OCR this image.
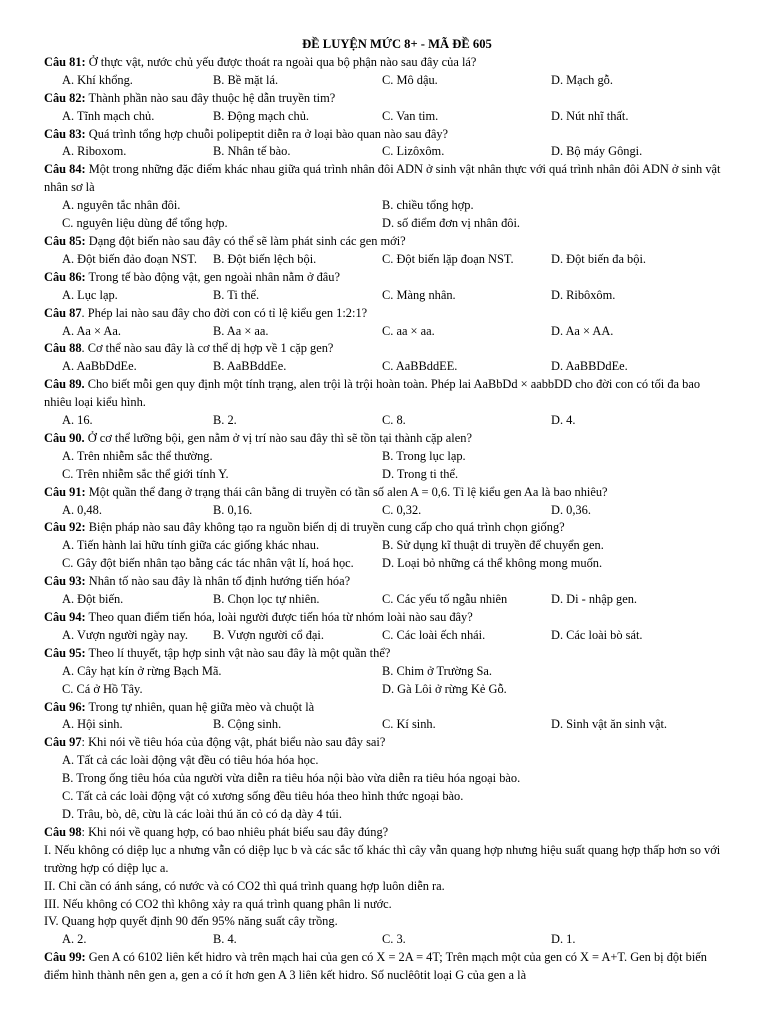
ĐỀ LUYỆN MỨC 8+ - MÃ ĐỀ 605

Câu 81: Ở thực vật, nước chủ yếu được thoát ra ngoài qua bộ phận nào sau đây của lá?

A. Khí khổng.	B. Bề mặt lá.	C. Mô dậu.	D. Mạch gỗ.

Câu 82: Thành phần nào sau đây thuộc hệ dẫn truyền tim?

A. Tĩnh mạch chủ.	B. Động mạch chủ.	C. Van tim.	D. Nút nhĩ thất.

Câu 83: Quá trình tổng hợp chuỗi polipeptit diễn ra ở loại bào quan nào sau đây?

A. Riboxom.	B. Nhân tế bào.	C. Lizôxôm.	D. Bộ máy Gôngi.

Câu 84: Một trong những đặc điểm khác nhau giữa quá trình nhân đôi ADN ở sinh vật nhân thực với quá trình nhân đôi ADN ở sinh vật nhân sơ là

A. nguyên tắc nhân đôi.	B. chiều tổng hợp.
C. nguyên liệu dùng để tổng hợp.	D. số điểm đơn vị nhân đôi.

Câu 85: Dạng đột biến nào sau đây có thể sẽ làm phát sinh các gen mới?

A. Đột biến đảo đoạn NST.	B. Đột biến lệch bội.	C. Đột biến lặp đoạn NST.	D. Đột biến đa bội.

Câu 86: Trong tế bào động vật, gen ngoài nhân nằm ở đâu?

A. Lục lạp.	B. Ti thể.	C. Màng nhân.	D. Ribôxôm.

Câu 87. Phép lai nào sau đây cho đời con có tỉ lệ kiểu gen 1:2:1?

A. Aa × Aa.	B. Aa × aa.	C. aa × aa.	D. Aa × AA.

Câu 88. Cơ thể nào sau đây là cơ thể dị hợp về 1 cặp gen?

A. AaBbDdEe.	B. AaBBddEe.	C. AaBBddEE.	D. AaBBDdEe.

Câu 89. Cho biết mỗi gen quy định một tính trạng, alen trội là trội hoàn toàn. Phép lai AaBbDd × aabbDD cho đời con có tối đa bao nhiêu loại kiểu hình.

A. 16.	B. 2.	C. 8.	D. 4.

Câu 90. Ở cơ thể lưỡng bội, gen nằm ở vị trí nào sau đây thì sẽ tồn tại thành cặp alen?

A. Trên nhiễm sắc thể thường.	B. Trong lục lạp.
C. Trên nhiễm sắc thể giới tính Y.	D. Trong ti thể.

Câu 91: Một quần thể đang ở trạng thái cân bằng di truyền có tần số alen A = 0,6. Tỉ lệ kiểu gen Aa là bao nhiêu?

A. 0,48.	B. 0,16.	C. 0,32.	D. 0,36.

Câu 92: Biện pháp nào sau đây không tạo ra nguồn biến dị di truyền cung cấp cho quá trình chọn giống?

A. Tiến hành lai hữu tính giữa các giống khác nhau.	B. Sử dụng kĩ thuật di truyền để chuyển gen.
C. Gây đột biến nhân tạo bằng các tác nhân vật lí, hoá học.	D. Loại bỏ những cá thể không mong muốn.

Câu 93: Nhân tố nào sau đây là nhân tố định hướng tiến hóa?

A. Đột biến.	B. Chọn lọc tự nhiên.	C. Các yếu tố ngẫu nhiên	D. Di - nhập gen.

Câu 94: Theo quan điểm tiến hóa, loài người được tiến hóa từ nhóm loài nào sau đây?

A. Vượn người ngày nay.	B. Vượn người cổ đại.	C. Các loài ếch nhái.	D. Các loài bò sát.

Câu 95: Theo lí thuyết, tập hợp sinh vật nào sau đây là một quần thể?

A. Cây hạt kín ở rừng Bạch Mã.	B. Chim ở Trường Sa.
C. Cá ở Hồ Tây.	D. Gà Lôi ở rừng Kẻ Gỗ.

Câu 96: Trong tự nhiên, quan hệ giữa mèo và chuột là

A. Hội sinh.	B. Cộng sinh.	C. Kí sinh.	D. Sinh vật ăn sinh vật.

Câu 97: Khi nói về tiêu hóa của động vật, phát biểu nào sau đây sai?

A. Tất cả các loài động vật đều có tiêu hóa hóa học.
B. Trong ống tiêu hóa của người vừa diễn ra tiêu hóa nội bào vừa diễn ra tiêu hóa ngoại bào.
C. Tất cả các loài động vật có xương sống đều tiêu hóa theo hình thức ngoại bào.
D. Trâu, bò, dê, cừu là các loài thú ăn cỏ có dạ dày 4 túi.

Câu 98: Khi nói về quang hợp, có bao nhiêu phát biểu sau đây đúng?

I. Nếu không có diệp lục a nhưng vẫn có diệp lục b và các sắc tố khác thì cây vẫn quang hợp nhưng hiệu suất quang hợp thấp hơn so với trường hợp có diệp lục a.

II. Chỉ cần có ánh sáng, có nước và có CO2 thì quá trình quang hợp luôn diễn ra.

III. Nếu không có CO2 thì không xảy ra quá trình quang phân li nước.

IV. Quang hợp quyết định 90 đến 95% năng suất cây trồng.

A. 2.	B. 4.	C. 3.	D. 1.

Câu 99: Gen A có 6102 liên kết hidro và trên mạch hai của gen có X = 2A = 4T; Trên mạch một của gen có X = A+T. Gen bị đột biến điểm hình thành nên gen a, gen a có ít hơn gen A 3 liên kết hidro. Số nuclêôtit loại G của gen a là
